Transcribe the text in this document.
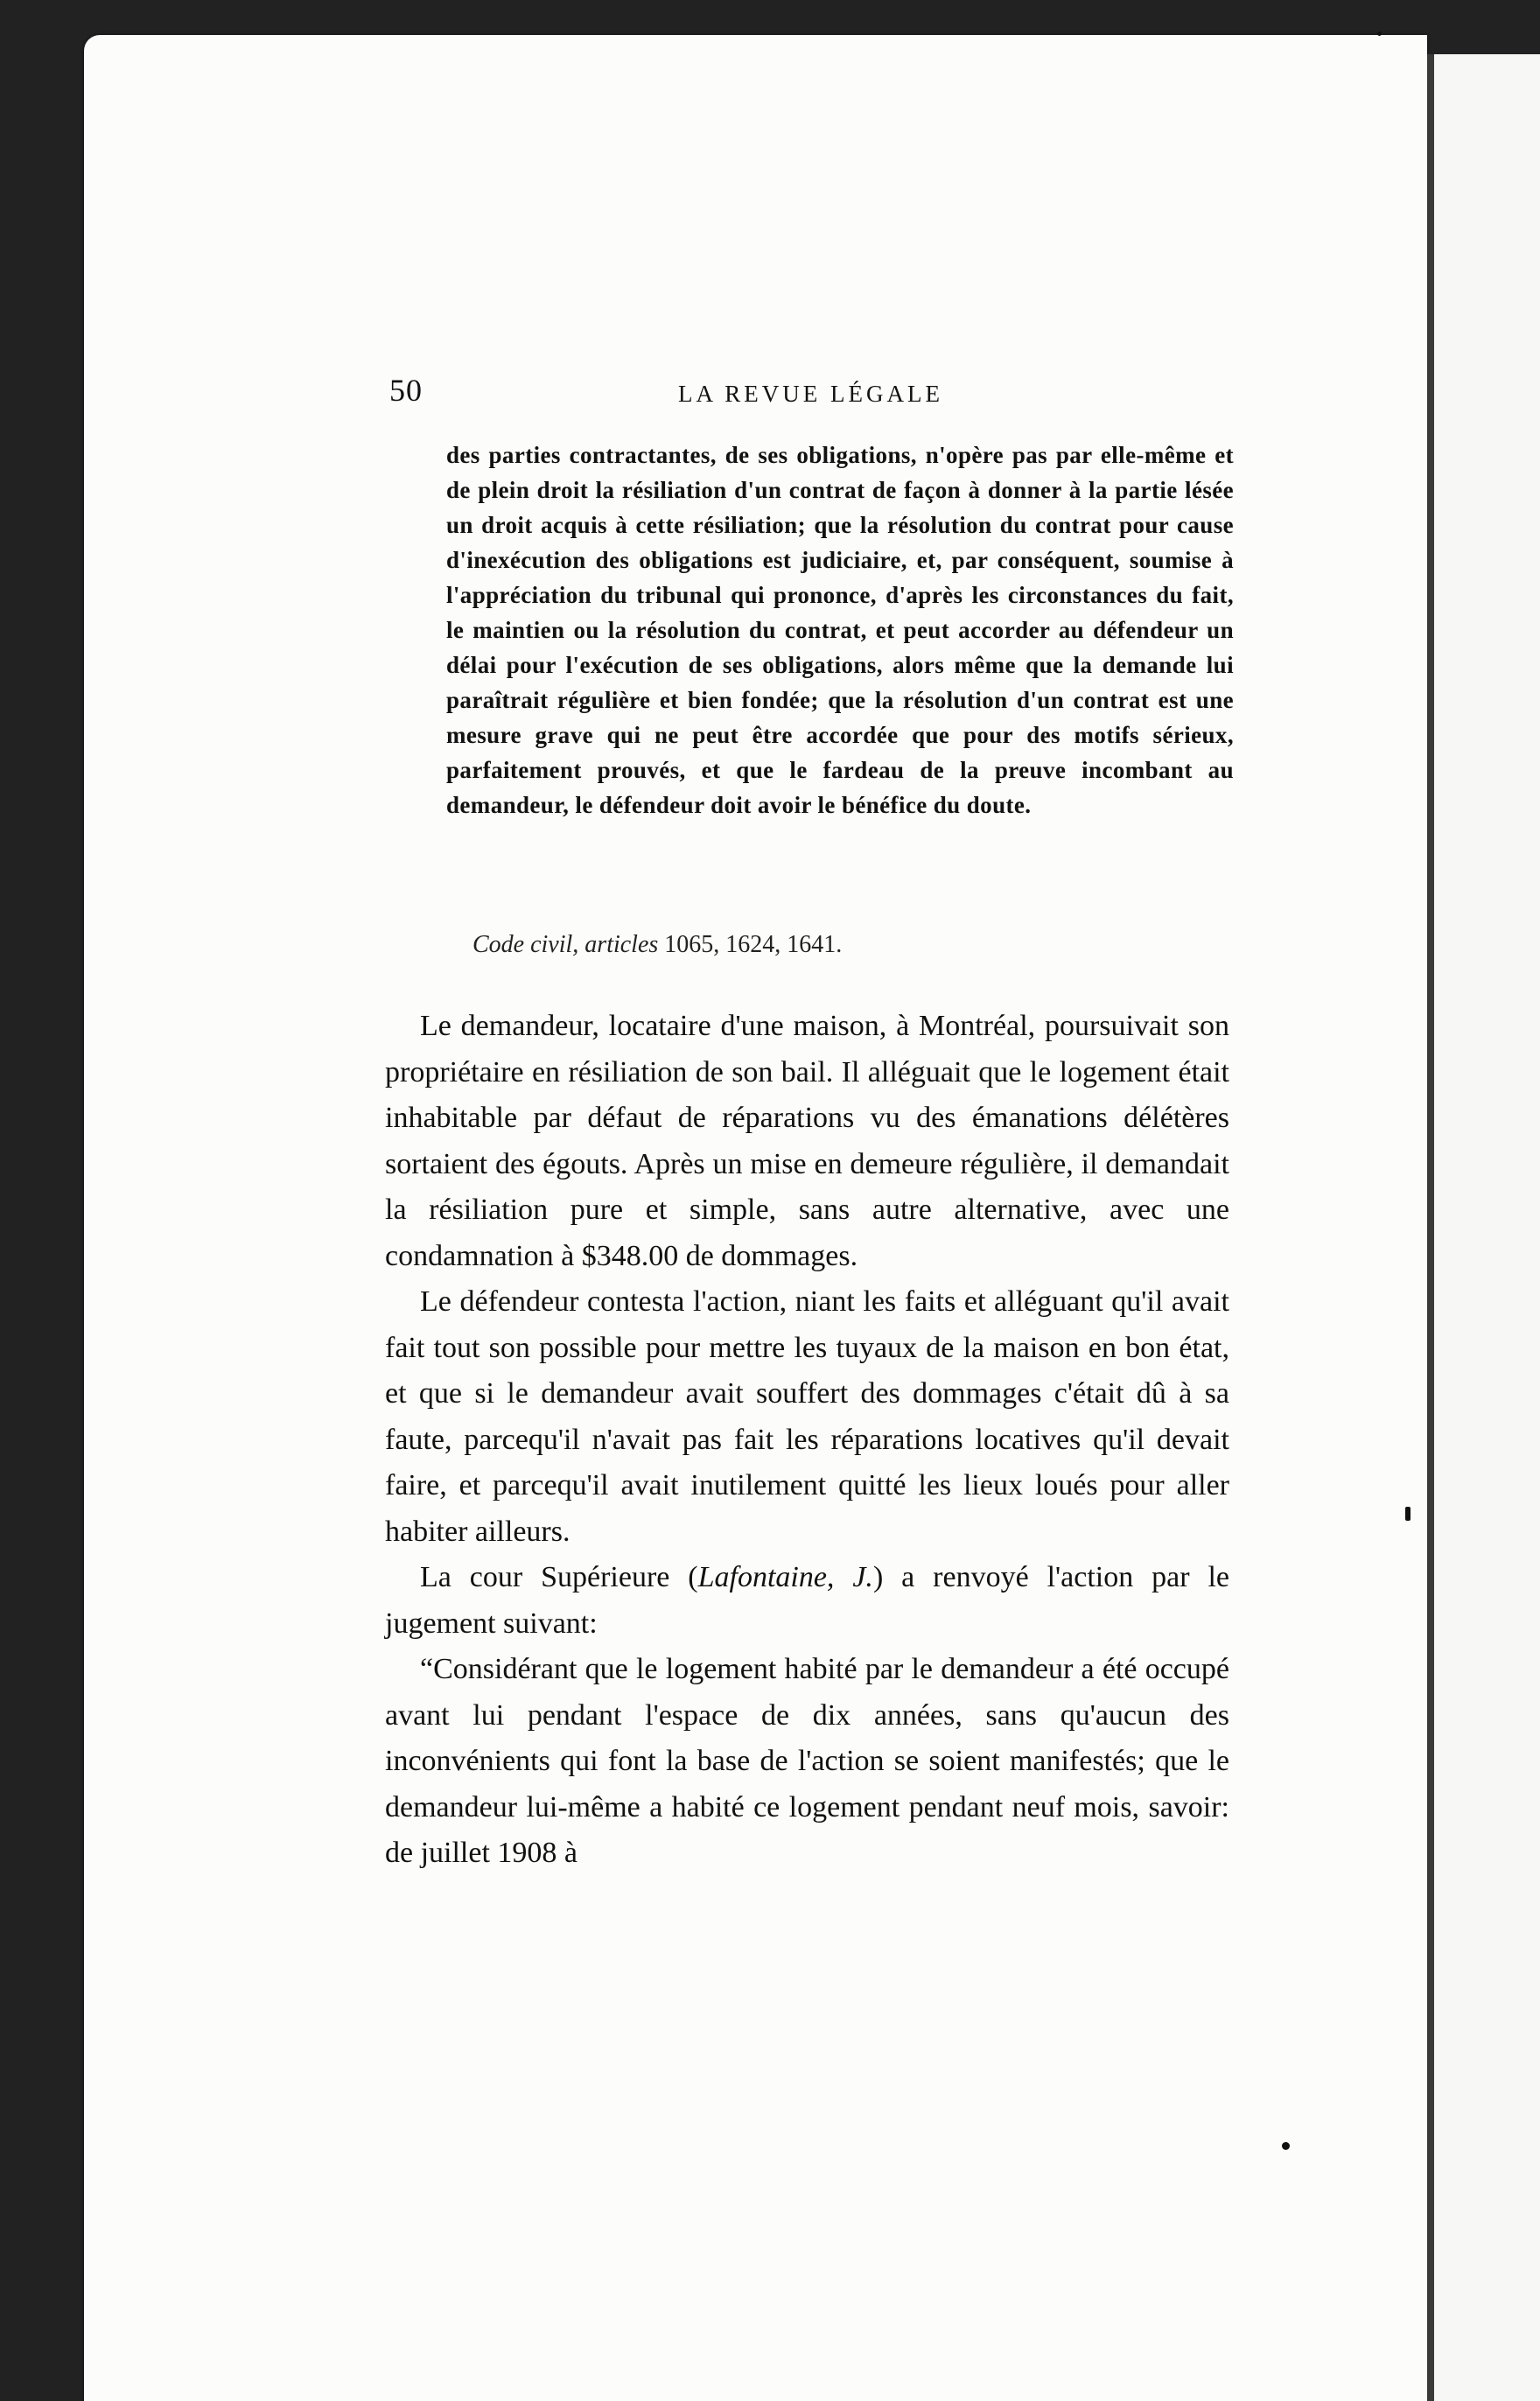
50	LA REVUE LÉGALE

des parties contractantes, de ses obligations, n'opère pas par elle-même et de plein droit la résiliation d'un contrat de façon à donner à la partie lésée un droit acquis à cette résiliation; que la résolution du contrat pour cause d'inexécution des obligations est judiciaire, et, par conséquent, soumise à l'appréciation du tribunal qui prononce, d'après les circonstances du fait, le maintien ou la résolution du contrat, et peut accorder au défendeur un délai pour l'exécution de ses obligations, alors même que la demande lui paraîtrait régulière et bien fondée; que la résolution d'un contrat est une mesure grave qui ne peut être accordée que pour des motifs sérieux, parfaitement prouvés, et que le fardeau de la preuve incombant au demandeur, le défendeur doit avoir le bénéfice du doute.

Code civil, articles 1065, 1624, 1641.

Le demandeur, locataire d'une maison, à Montréal, poursuivait son propriétaire en résiliation de son bail. Il alléguait que le logement était inhabitable par défaut de réparations vu des émanations délétères sortaient des égouts. Après un mise en demeure régulière, il demandait la résiliation pure et simple, sans autre alternative, avec une condamnation à $348.00 de dommages.

Le défendeur contesta l'action, niant les faits et alléguant qu'il avait fait tout son possible pour mettre les tuyaux de la maison en bon état, et que si le demandeur avait souffert des dommages c'était dû à sa faute, parcequ'il n'avait pas fait les réparations locatives qu'il devait faire, et parcequ'il avait inutilement quitté les lieux loués pour aller habiter ailleurs.

La cour Supérieure (Lafontaine, J.) a renvoyé l'action par le jugement suivant:

“Considérant que le logement habité par le demandeur a été occupé avant lui pendant l'espace de dix années, sans qu'aucun des inconvénients qui font la base de l'action se soient manifestés; que le demandeur lui-même a habité ce logement pendant neuf mois, savoir: de juillet 1908 à
